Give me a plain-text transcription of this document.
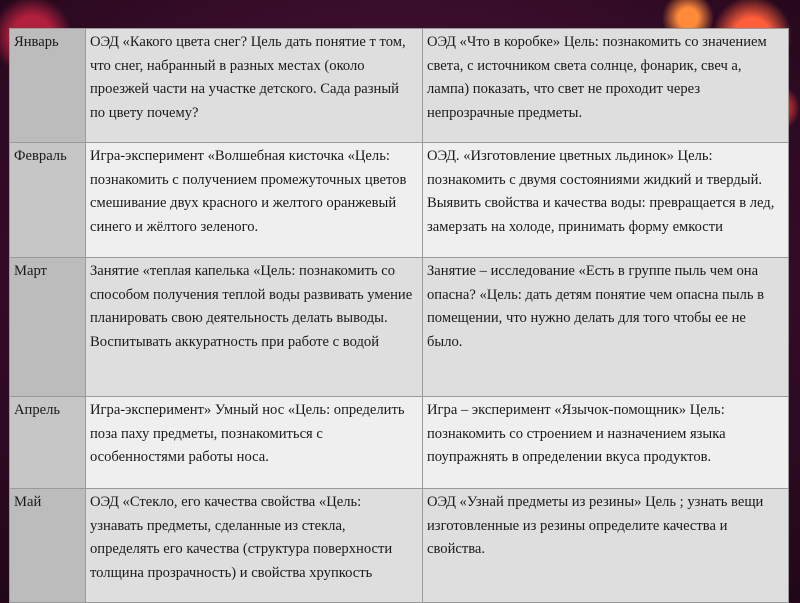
Январь	ОЭД «Какого цвета снег? Цель дать понятие т том, что снег, набранный в разных местах (около проезжей части на участке детского. Сада разный по цвету почему?	ОЭД «Что в коробке» Цель: познакомить со значением света, с источником света солнце, фонарик, свеч а, лампа) показать, что свет не проходит через непрозрачные предметы.
Февраль	Игра-эксперимент «Волшебная кисточка «Цель: познакомить с получением промежуточных цветов смешивание двух красного и желтого оранжевый синего и жёлтого зеленого.	ОЭД. «Изготовление цветных льдинок» Цель: познакомить с двумя состояниями жидкий и твердый. Выявить свойства и качества воды: превращается в лед, замерзать на холоде, принимать форму емкости
Март	Занятие «теплая капелька «Цель: познакомить со способом получения теплой воды развивать умение планировать свою деятельность делать выводы. Воспитывать аккуратность при работе с водой	Занятие – исследование «Есть в группе пыль чем она опасна? «Цель: дать детям понятие чем опасна пыль в помещении, что нужно делать для того чтобы ее не было.
Апрель	Игра-эксперимент» Умный нос «Цель: определить поза паху предметы, познакомиться с особенностями работы носа.	Игра – эксперимент «Язычок-помощник» Цель: познакомить со строением и назначением языка поупражнять в определении вкуса продуктов.
Май	ОЭД «Стекло, его качества свойства «Цель: узнавать предметы, сделанные из стекла, определять его качества (структура поверхности толщина прозрачность) и свойства хрупкость	ОЭД «Узнай предметы из резины» Цель ; узнать вещи изготовленные из резины определите качества и свойства.
